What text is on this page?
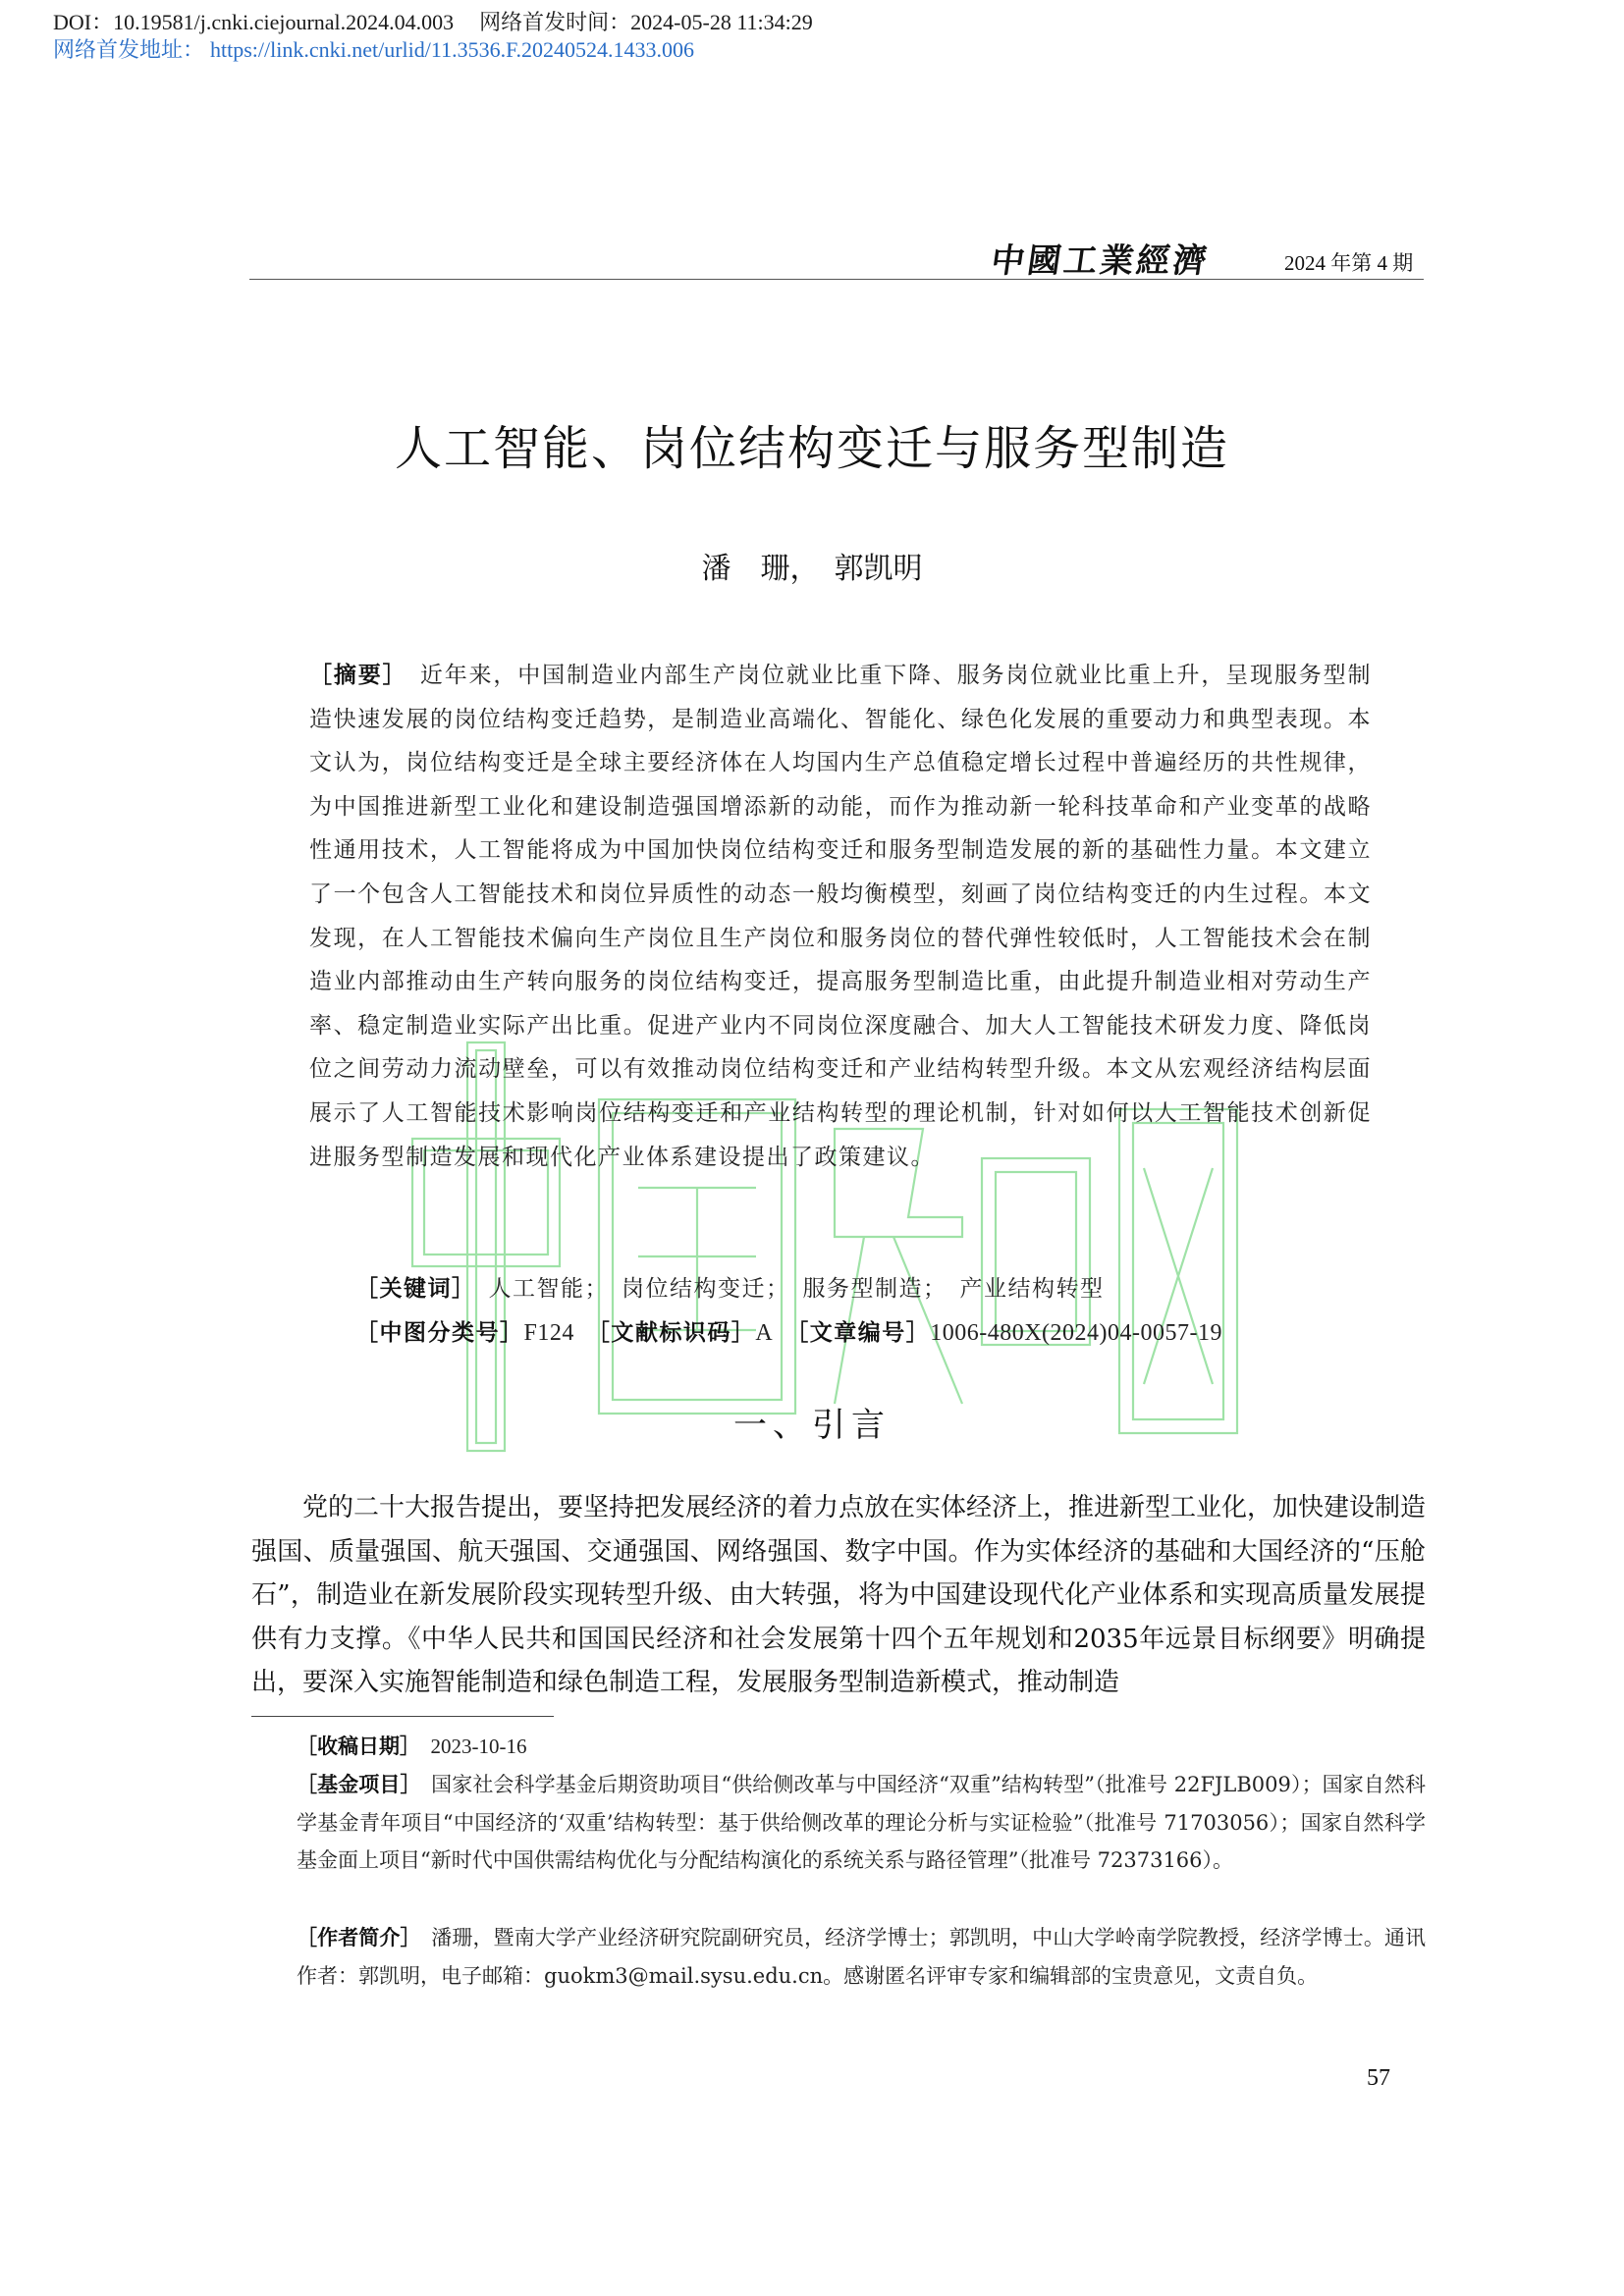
DOI：10.19581/j.cnki.ciejournal.2024.04.003 网络首发时间：2024-05-28 11:34:29
网络首发地址： https://link.cnki.net/urlid/11.3536.F.20240524.1433.006
中國工業經濟	2024 年第 4 期
人工智能、岗位结构变迁与服务型制造
潘　珊，　郭凯明
［摘要］　 近年来，中国制造业内部生产岗位就业比重下降、服务岗位就业比重上升，呈现服务型制造快速发展的岗位结构变迁趋势，是制造业高端化、智能化、绿色化发展的重要动力和典型表现。本文认为，岗位结构变迁是全球主要经济体在人均国内生产总值稳定增长过程中普遍经历的共性规律，为中国推进新型工业化和建设制造强国增添新的动能，而作为推动新一轮科技革命和产业变革的战略性通用技术，人工智能将成为中国加快岗位结构变迁和服务型制造发展的新的基础性力量。本文建立了一个包含人工智能技术和岗位异质性的动态一般均衡模型，刻画了岗位结构变迁的内生过程。本文发现，在人工智能技术偏向生产岗位且生产岗位和服务岗位的替代弹性较低时，人工智能技术会在制造业内部推动由生产转向服务的岗位结构变迁，提高服务型制造比重，由此提升制造业相对劳动生产率、稳定制造业实际产出比重。促进产业内不同岗位深度融合、加大人工智能技术研发力度、降低岗位之间劳动力流动壁垒，可以有效推动岗位结构变迁和产业结构转型升级。本文从宏观经济结构层面展示了人工智能技术影响岗位结构变迁和产业结构转型的理论机制，针对如何以人工智能技术创新促进服务型制造发展和现代化产业体系建设提出了政策建议。
［关键词］　 人工智能；　岗位结构变迁；　服务型制造；　产业结构转型
［中图分类号］F124　 ［文献标识码］A　 ［文章编号］1006-480X(2024)04-0057-19
一、引言
党的二十大报告提出，要坚持把发展经济的着力点放在实体经济上，推进新型工业化，加快建设制造强国、质量强国、航天强国、交通强国、网络强国、数字中国。作为实体经济的基础和大国经济的“压舱石”，制造业在新发展阶段实现转型升级、由大转强，将为中国建设现代化产业体系和实现高质量发展提供有力支撑。《中华人民共和国国民经济和社会发展第十四个五年规划和2035年远景目标纲要》明确提出，要深入实施智能制造和绿色制造工程，发展服务型制造新模式，推动制造
［收稿日期］　 2023-10-16
［基金项目］　 国家社会科学基金后期资助项目“供给侧改革与中国经济“双重”结构转型”（批准号 22FJLB009）；国家自然科学基金青年项目“中国经济的‘双重’结构转型：基于供给侧改革的理论分析与实证检验”（批准号 71703056）；国家自然科学基金面上项目“新时代中国供需结构优化与分配结构演化的系统关系与路径管理”（批准号 72373166）。
［作者简介］　 潘珊，暨南大学产业经济研究院副研究员，经济学博士；郭凯明，中山大学岭南学院教授，经济学博士。通讯作者：郭凯明，电子邮箱：guokm3@mail.sysu.edu.cn。感谢匿名评审专家和编辑部的宝贵意见，文责自负。
57
